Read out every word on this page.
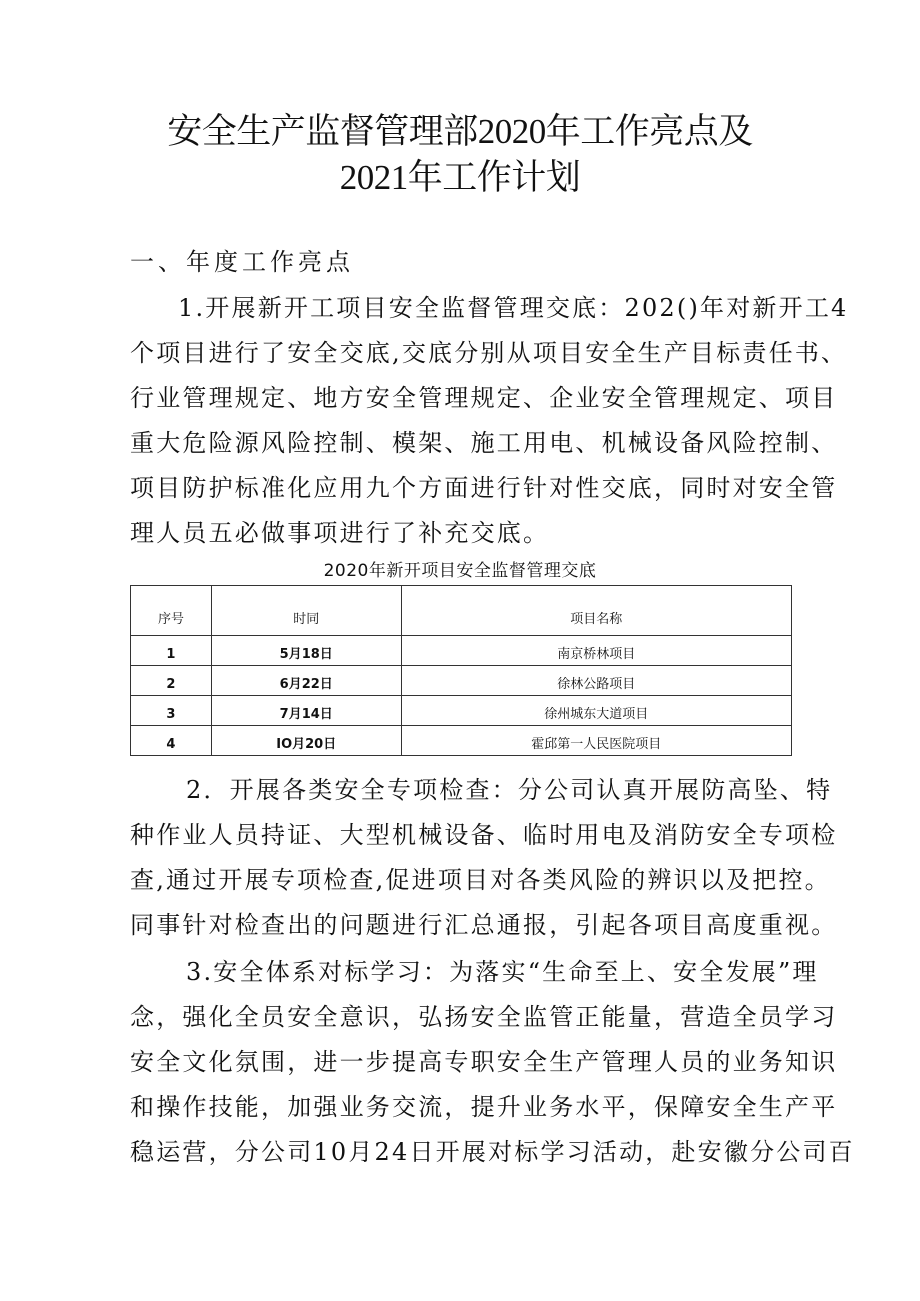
安全生产监督管理部2020年工作亮点及
2021年工作计划
一、年度工作亮点
1.开展新开工项目安全监督管理交底：202()年对新开工4
个项目进行了安全交底,交底分别从项目安全生产目标责任书、
行业管理规定、地方安全管理规定、企业安全管理规定、项目
重大危险源风险控制、模架、施工用电、机械设备风险控制、
项目防护标准化应用九个方面进行针对性交底，同时对安全管
理人员五必做事项进行了补充交底。
2020年新开项目安全监督管理交底
序号	时同	项目名称
1	5月18日	南京桥林项目
2	6月22日	徐林公路项目
3	7月14日	徐州城东大道项目
4	IO月20日	霍邱第一人民医院项目
2．开展各类安全专项检查：分公司认真开展防高坠、特
种作业人员持证、大型机械设备、临时用电及消防安全专项检
查,通过开展专项检查,促进项目对各类风险的辨识以及把控。
同事针对检查出的问题进行汇总通报，引起各项目高度重视。
3.安全体系对标学习：为落实“生命至上、安全发展”理
念，强化全员安全意识，弘扬安全监管正能量，营造全员学习
安全文化氛围，进一步提高专职安全生产管理人员的业务知识
和操作技能，加强业务交流，提升业务水平，保障安全生产平
稳运营，分公司10月24日开展对标学习活动，赴安徽分公司百
